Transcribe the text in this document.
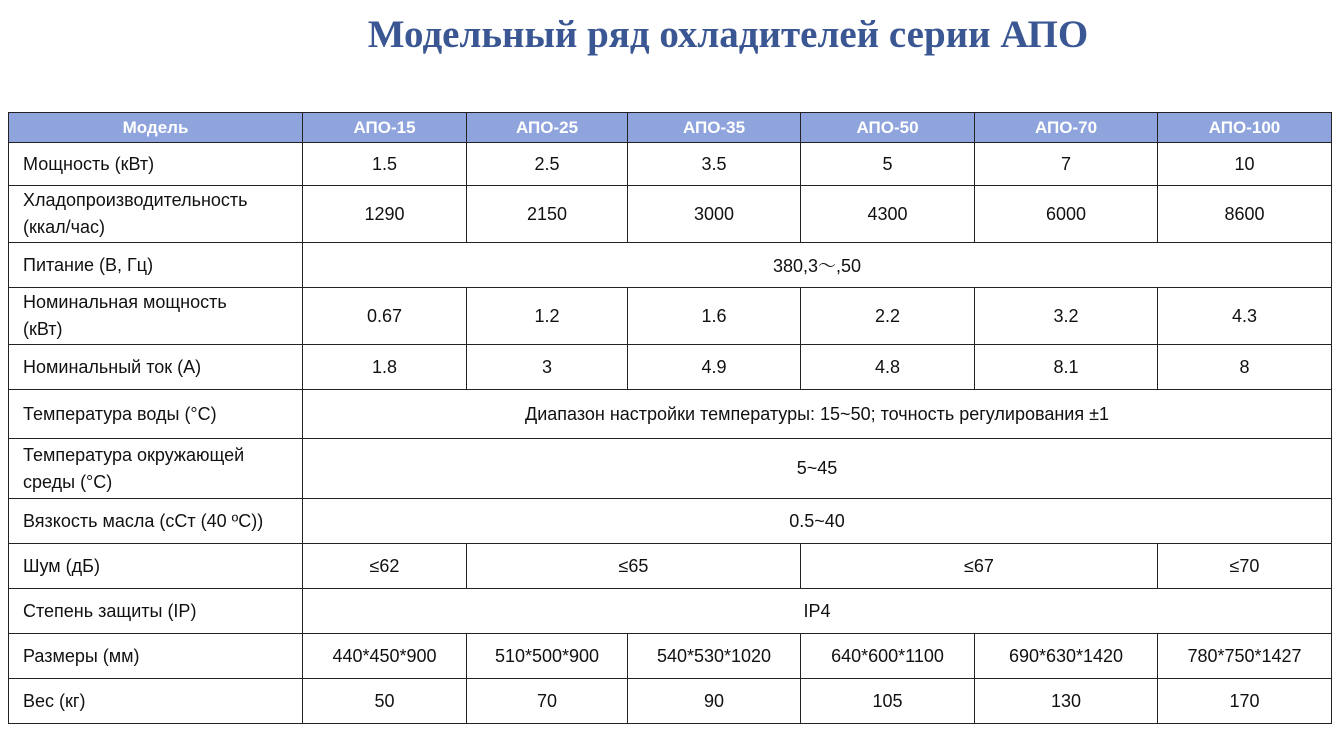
Модельный ряд охладителей серии АПО
Модель	АПО-15	АПО-25	АПО-35	АПО-50	АПО-70	АПО-100
Мощность (кВт)	1.5	2.5	3.5	5	7	10
Хладопроизводительность
(ккал/час)	1290	2150	3000	4300	6000	8600
Питание (В, Гц)	380,3〜,50					
Номинальная мощность
(кВт)	0.67	1.2	1.6	2.2	3.2	4.3
Номинальный ток (А)	1.8	3	4.9	4.8	8.1	8
Температура воды (°С)	Диапазон настройки температуры: 15~50; точность регулирования ±1					
Температура окружающей
среды (°С)	5~45					
Вязкость масла (сСт (40 ºС))	0.5~40					
Шум (дБ)	≤62	≤65		≤67		≤70
Степень защиты (IP)	IP4					
Размеры (мм)	440*450*900	510*500*900	540*530*1020	640*600*1100	690*630*1420	780*750*1427
Вес (кг)	50	70	90	105	130	170
